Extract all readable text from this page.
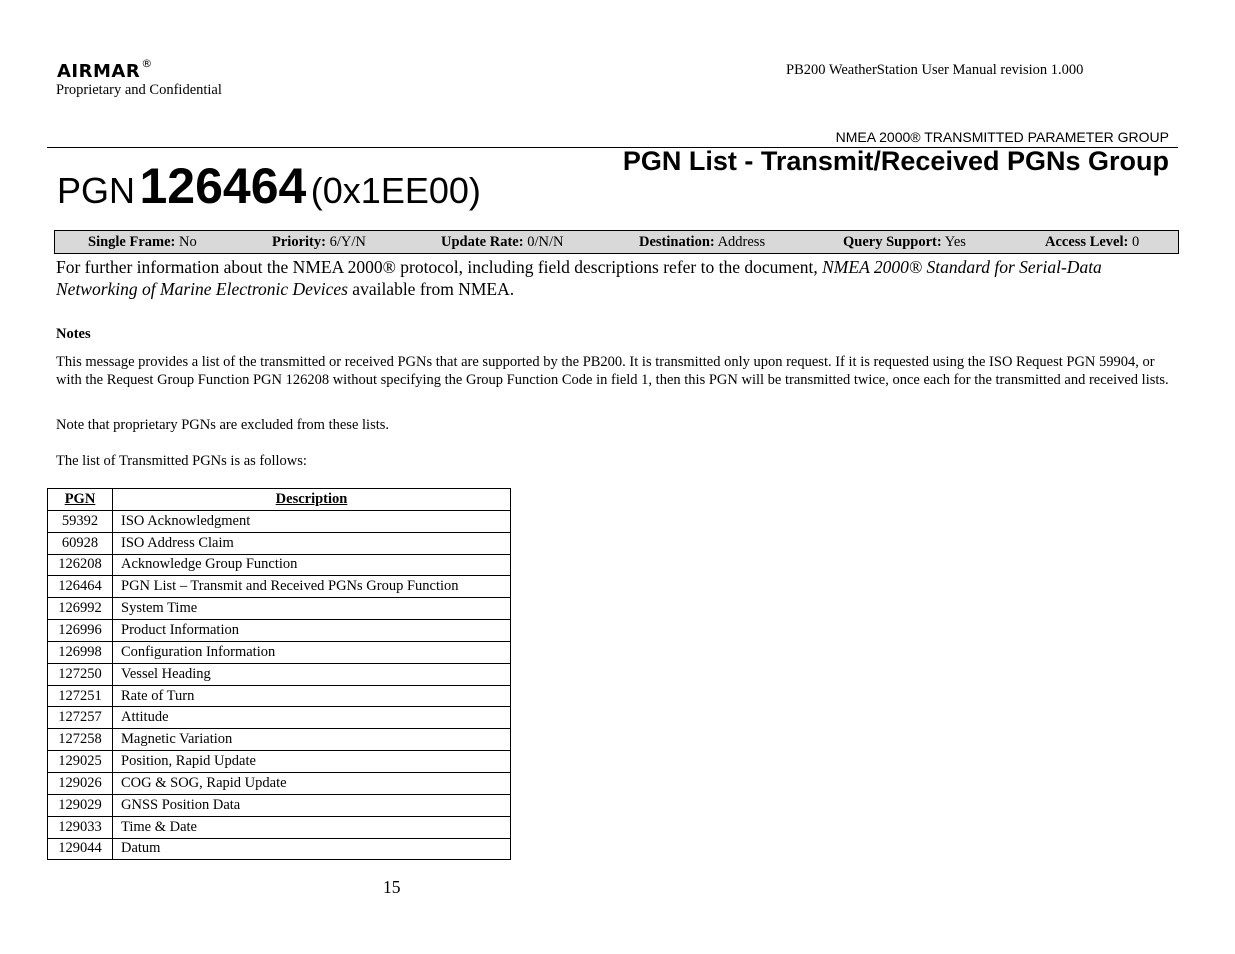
AIRMAR®
Proprietary and Confidential
PB200 WeatherStation User Manual revision 1.000
NMEA 2000® TRANSMITTED PARAMETER GROUP
PGN 126464 (0x1EE00)
PGN List - Transmit/Received PGNs Group
Single Frame: No	Priority: 6/Y/N	Update Rate: 0/N/N	Destination: Address	Query Support: Yes	Access Level: 0
For further information about the NMEA 2000® protocol, including field descriptions refer to the document, NMEA 2000® Standard for Serial-Data Networking of Marine Electronic Devices available from NMEA.
Notes
This message provides a list of the transmitted or received PGNs that are supported by the PB200. It is transmitted only upon request. If it is requested using the ISO Request PGN 59904, or with the Request Group Function PGN 126208 without specifying the Group Function Code in field 1, then this PGN will be transmitted twice, once each for the transmitted and received lists.
Note that proprietary PGNs are excluded from these lists.
The list of Transmitted PGNs is as follows:
PGN	Description
59392	ISO Acknowledgment
60928	ISO Address Claim
126208	Acknowledge Group Function
126464	PGN List – Transmit and Received PGNs Group Function
126992	System Time
126996	Product Information
126998	Configuration Information
127250	Vessel Heading
127251	Rate of Turn
127257	Attitude
127258	Magnetic Variation
129025	Position, Rapid Update
129026	COG & SOG, Rapid Update
129029	GNSS Position Data
129033	Time & Date
129044	Datum
15
